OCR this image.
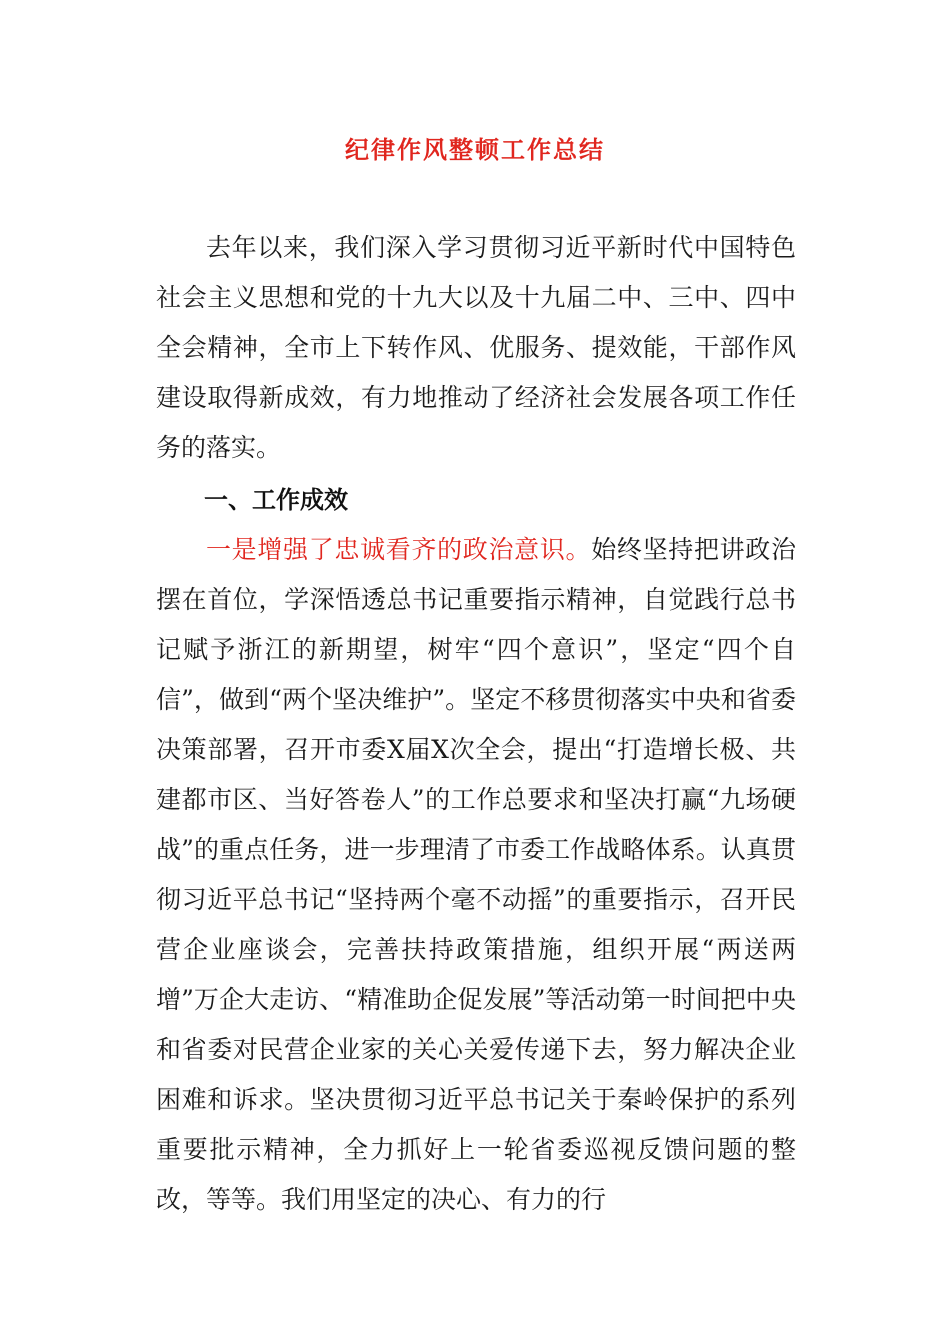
纪律作风整顿工作总结

去年以来，我们深入学习贯彻习近平新时代中国特色社会主义思想和党的十九大以及十九届二中、三中、四中全会精神，全市上下转作风、优服务、提效能，干部作风建设取得新成效，有力地推动了经济社会发展各项工作任务的落实。

一、工作成效

一是增强了忠诚看齐的政治意识。始终坚持把讲政治摆在首位，学深悟透总书记重要指示精神，自觉践行总书记赋予浙江的新期望，树牢“四个意识”，坚定“四个自信”，做到“两个坚决维护”。坚定不移贯彻落实中央和省委决策部署，召开市委X届X次全会，提出“打造增长极、共建都市区、当好答卷人”的工作总要求和坚决打赢“九场硬战”的重点任务，进一步理清了市委工作战略体系。认真贯彻习近平总书记“坚持两个毫不动摇”的重要指示，召开民营企业座谈会，完善扶持政策措施，组织开展“两送两增”万企大走访、“精准助企促发展”等活动第一时间把中央和省委对民营企业家的关心关爱传递下去，努力解决企业困难和诉求。坚决贯彻习近平总书记关于秦岭保护的系列重要批示精神，全力抓好上一轮省委巡视反馈问题的整改，等等。我们用坚定的决心、有力的行
